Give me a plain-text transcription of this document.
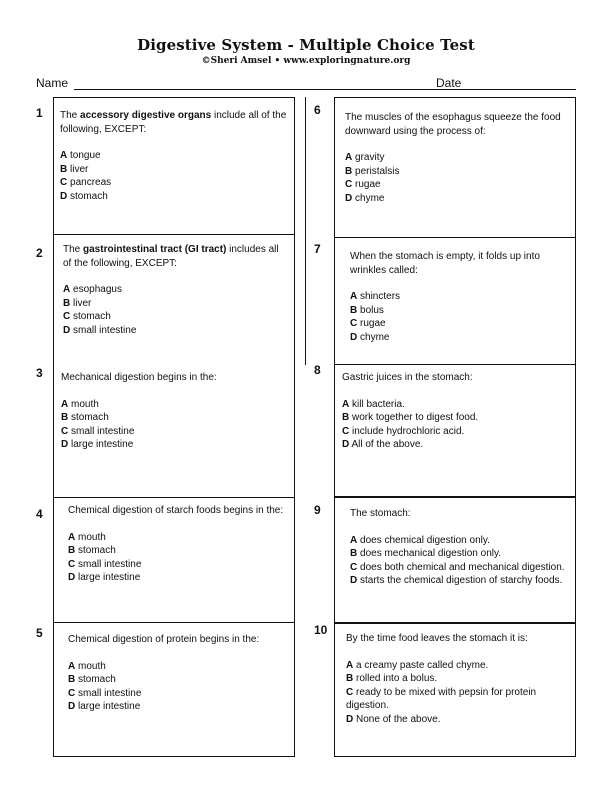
Digestive System - Multiple Choice Test
©Sheri Amsel • www.exploringnature.org
Name	Date
1
2
3
4
5
6
7
8
9
10

The accessory digestive organs include all of the following, EXCEPT:

A tongue

B liver

C pancreas

D stomach

The gastrointestinal tract (GI tract) includes all of the following, EXCEPT:

A esophagus

B liver

C stomach

D small intestine

Mechanical digestion begins in the:

A mouth

B stomach

C small intestine

D large intestine

Chemical digestion of starch foods begins in the:

A mouth

B stomach

C small intestine

D large intestine

Chemical digestion of protein begins in the:

A mouth

B stomach

C small intestine

D large intestine

The muscles of the esophagus squeeze the food downward using the process of:

A gravity

B peristalsis

C rugae

D chyme

When the stomach is empty, it folds up into wrinkles called:

A shincters

B bolus

C rugae

D chyme

Gastric juices in the stomach:

A kill bacteria.

B work together to digest food.

C include hydrochloric acid.

D All of the above.

The stomach:

A does chemical digestion only.

B does mechanical digestion only.

C does both chemical and mechanical digestion.

D starts the chemical digestion of starchy foods.

By the time food leaves the stomach it is:

A a creamy paste called chyme.

B rolled into a bolus.

C ready to be mixed with pepsin for protein digestion.

D None of the above.
